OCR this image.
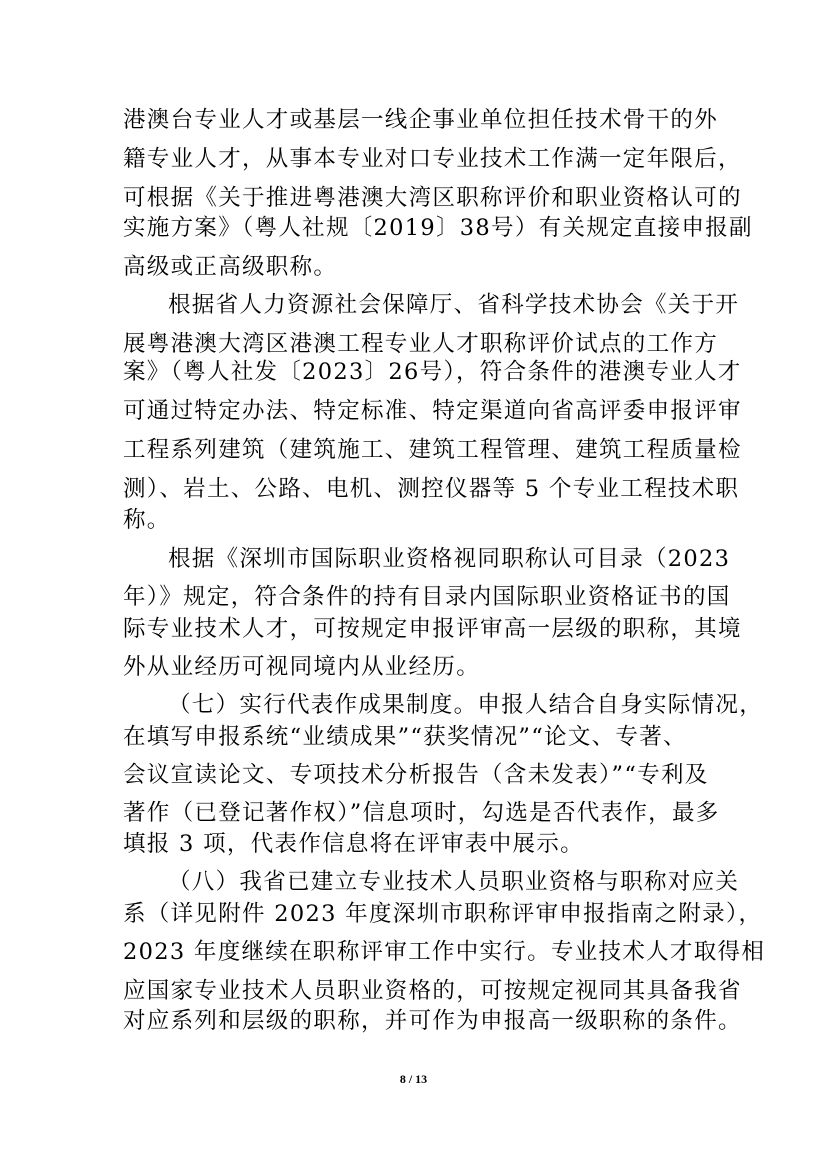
港澳台专业人才或基层一线企事业单位担任技术骨干的外
籍专业人才，从事本专业对口专业技术工作满一定年限后，
可根据《关于推进粤港澳大湾区职称评价和职业资格认可的
实施方案》（粤人社规〔2019〕38号）有关规定直接申报副
高级或正高级职称。
根据省人力资源社会保障厅、省科学技术协会《关于开
展粤港澳大湾区港澳工程专业人才职称评价试点的工作方
案》（粤人社发〔2023〕26号），符合条件的港澳专业人才
可通过特定办法、特定标准、特定渠道向省高评委申报评审
工程系列建筑（建筑施工、建筑工程管理、建筑工程质量检
测）、岩土、公路、电机、测控仪器等 5 个专业工程技术职
称。
根据《深圳市国际职业资格视同职称认可目录（2023
年）》规定，符合条件的持有目录内国际职业资格证书的国
际专业技术人才，可按规定申报评审高一层级的职称，其境
外从业经历可视同境内从业经历。
（七）实行代表作成果制度。申报人结合自身实际情况，
在填写申报系统“业绩成果”“获奖情况”“论文、专著、
会议宣读论文、专项技术分析报告（含未发表）”“专利及
著作（已登记著作权）”信息项时，勾选是否代表作，最多
填报 3 项，代表作信息将在评审表中展示。
（八）我省已建立专业技术人员职业资格与职称对应关
系（详见附件 2023 年度深圳市职称评审申报指南之附录），
2023 年度继续在职称评审工作中实行。专业技术人才取得相
应国家专业技术人员职业资格的，可按规定视同其具备我省
对应系列和层级的职称，并可作为申报高一级职称的条件。
8 / 13
